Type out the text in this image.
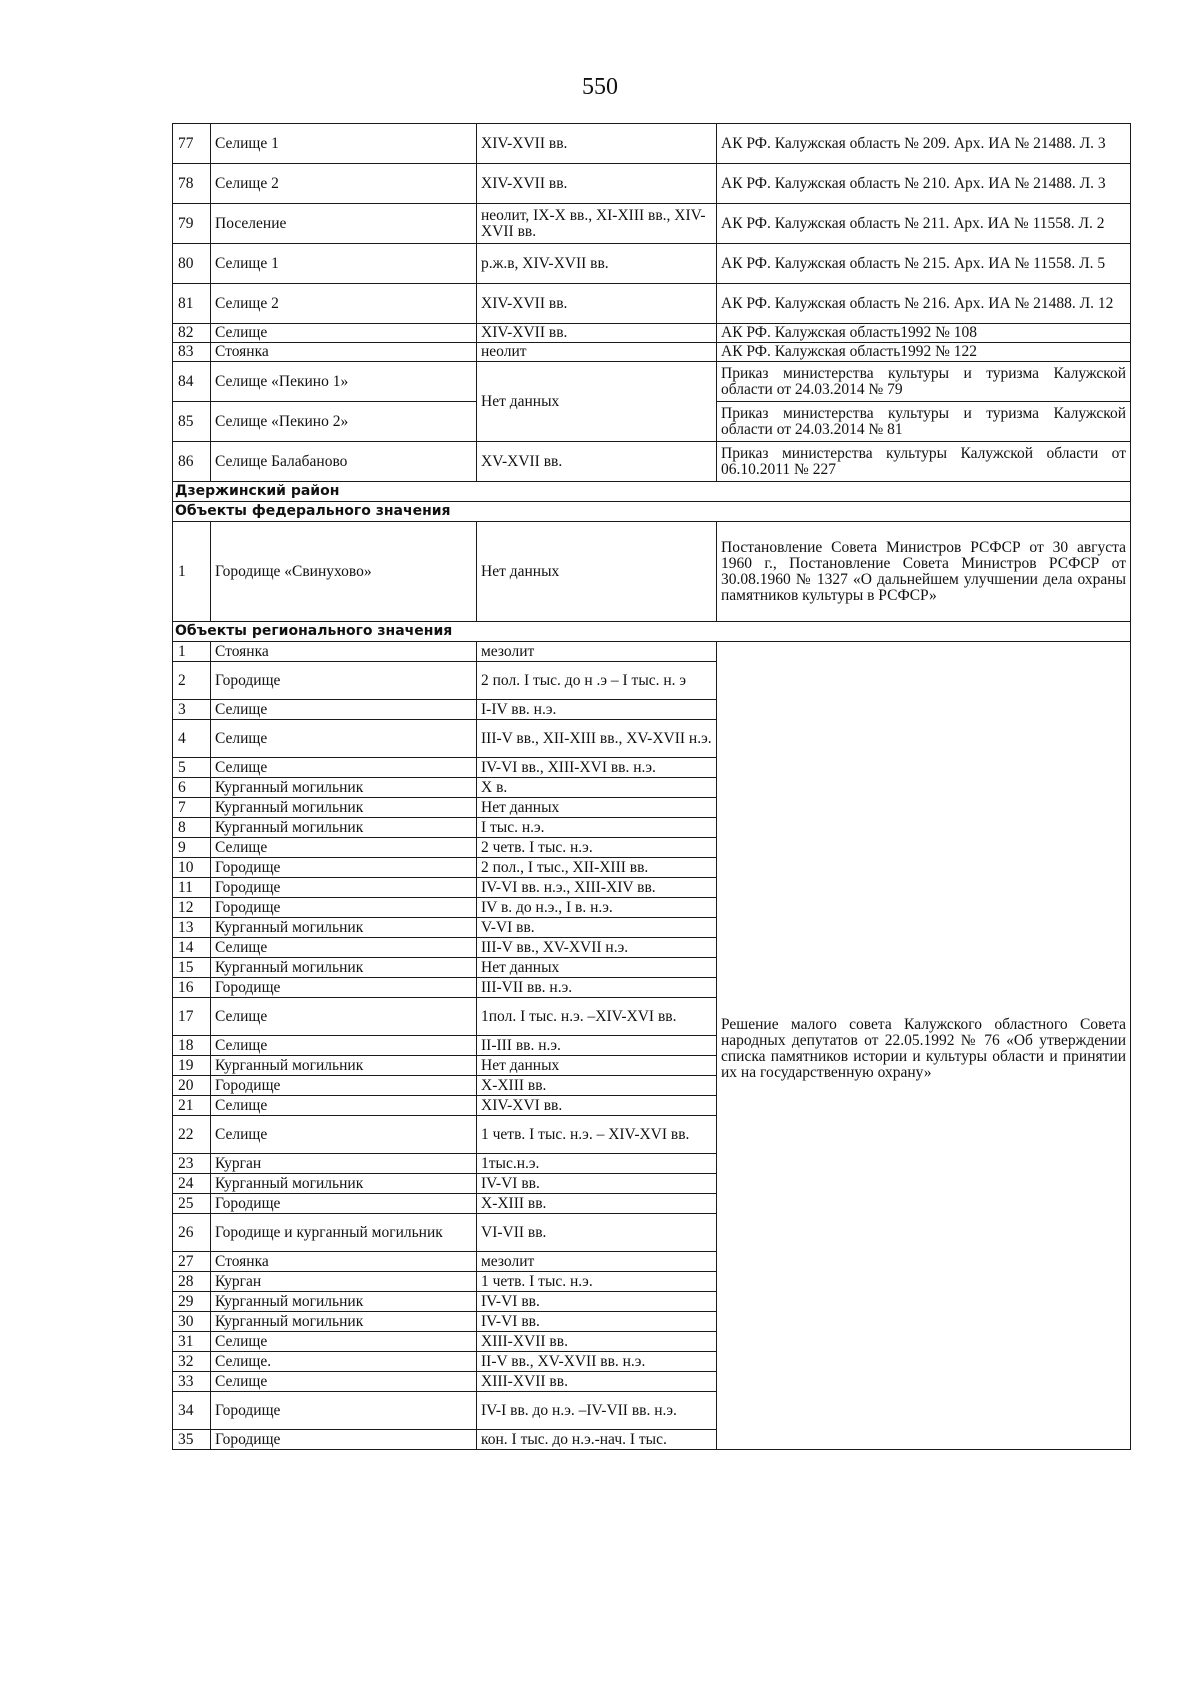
550
77	Селище 1	XIV-XVII вв.	АК РФ. Калужская область № 209. Арх. ИА № 21488. Л. 3
78	Селище 2	XIV-XVII вв.	АК РФ. Калужская область № 210. Арх. ИА № 21488. Л. 3
79	Поселение	неолит, IX-X вв., XI-XIII вв., XIV-XVII вв.	АК РФ. Калужская область № 211. Арх. ИА № 11558. Л. 2
80	Селище 1	р.ж.в, XIV-XVII вв.	АК РФ. Калужская область № 215. Арх. ИА № 11558. Л. 5
81	Селище 2	XIV-XVII вв.	АК РФ. Калужская область № 216. Арх. ИА № 21488. Л. 12
82	Селище	XIV-XVII вв.	АК РФ. Калужская область1992 № 108
83	Стоянка	неолит	АК РФ. Калужская область1992 № 122
84	Селище «Пекино 1»	Нет данных	Приказ министерства культуры и туризма Калужской области от 24.03.2014 № 79
85	Селище «Пекино 2»		Приказ министерства культуры и туризма Калужской области от 24.03.2014 № 81
86	Селище Балабаново	XV-XVII вв.	Приказ министерства культуры Калужской области от 06.10.2011 № 227
Дзержинский район			
Объекты федерального значения			
1	Городище «Свинухово»	Нет данных	Постановление Совета Министров РСФСР от 30 августа 1960 г., Постановление Совета Министров РСФСР от 30.08.1960 № 1327 «О дальнейшем улучшении дела охраны памятников культуры в РСФСР»
Объекты регионального значения			
1	Стоянка	мезолит	Решение малого совета Калужского областного Совета народных депутатов от 22.05.1992 № 76 «Об утверждении списка памятников истории и культуры области и принятии их на государственную охрану»
2	Городище	2 пол. I тыс. до н .э – I тыс. н. э	
3	Селище	I-IV вв. н.э.	
4	Селище	III-V вв., XII-XIII вв., XV-XVII н.э.	
5	Селище	IV-VI вв., XIII-XVI вв. н.э.	
6	Курганный могильник	X в.	
7	Курганный могильник	Нет данных	
8	Курганный могильник	I тыс. н.э.	
9	Селище	2 четв. I тыс. н.э.	
10	Городище	2 пол., I тыс., XII-XIII вв.	
11	Городище	IV-VI вв. н.э., XIII-XIV вв.	
12	Городище	IV в. до н.э., I в. н.э.	
13	Курганный могильник	V-VI вв.	
14	Селище	III-V вв., XV-XVII н.э.	
15	Курганный могильник	Нет данных	
16	Городище	III-VII вв. н.э.	
17	Селище	1пол. I тыс. н.э. –XIV-XVI вв.	
18	Селище	II-III вв. н.э.	
19	Курганный могильник	Нет данных	
20	Городище	X-XIII вв.	
21	Селище	XIV-XVI вв.	
22	Селище	1 четв. I тыс. н.э. – XIV-XVI вв.	
23	Курган	1тыс.н.э.	
24	Курганный могильник	IV-VI вв.	
25	Городище	X-XIII вв.	
26	Городище и курганный могильник	VI-VII вв.	
27	Стоянка	мезолит	
28	Курган	1 четв. I тыс. н.э.	
29	Курганный могильник	IV-VI вв.	
30	Курганный могильник	IV-VI вв.	
31	Селище	XIII-XVII вв.	
32	Селище.	II-V вв., XV-XVII вв. н.э.	
33	Селище	XIII-XVII вв.	
34	Городище	IV-I вв. до н.э. –IV-VII вв. н.э.	
35	Городище	кон. I тыс. до н.э.-нач. I тыс.	
